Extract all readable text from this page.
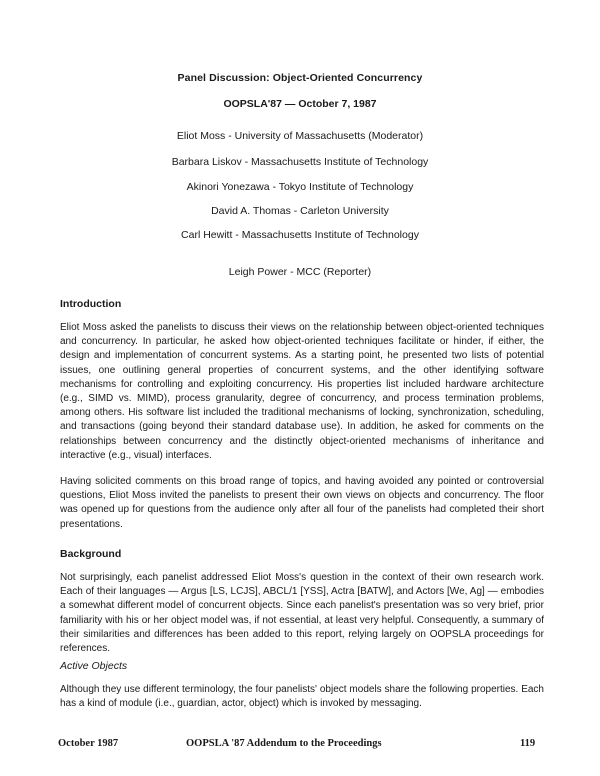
Panel Discussion: Object-Oriented Concurrency
OOPSLA'87 — October 7, 1987
Eliot Moss - University of Massachusetts (Moderator)
Barbara Liskov - Massachusetts Institute of Technology
Akinori Yonezawa - Tokyo Institute of Technology
David A. Thomas - Carleton University
Carl Hewitt - Massachusetts Institute of Technology
Leigh Power - MCC (Reporter)
Introduction
Eliot Moss asked the panelists to discuss their views on the relationship between object-oriented techniques and concurrency. In particular, he asked how object-oriented techniques facilitate or hinder, if either, the design and implementation of concurrent systems. As a starting point, he presented two lists of potential issues, one outlining general properties of concurrent systems, and the other identifying software mechanisms for controlling and exploiting concurrency. His properties list included hardware architecture (e.g., SIMD vs. MIMD), process granularity, degree of concurrency, and process termination problems, among others. His software list included the traditional mechanisms of locking, synchronization, scheduling, and transactions (going beyond their standard database use). In addition, he asked for comments on the relationships between concurrency and the distinctly object-oriented mechanisms of inheritance and interactive (e.g., visual) interfaces.
Having solicited comments on this broad range of topics, and having avoided any pointed or controversial questions, Eliot Moss invited the panelists to present their own views on objects and concurrency. The floor was opened up for questions from the audience only after all four of the panelists had completed their short presentations.
Background
Not surprisingly, each panelist addressed Eliot Moss's question in the context of their own research work. Each of their languages — Argus [LS, LCJS], ABCL/1 [YSS], Actra [BATW], and Actors [We, Ag] — embodies a somewhat different model of concurrent objects. Since each panelist's presentation was so very brief, prior familiarity with his or her object model was, if not essential, at least very helpful. Consequently, a summary of their similarities and differences has been added to this report, relying largely on OOPSLA proceedings for references.
Active Objects
Although they use different terminology, the four panelists' object models share the following properties. Each has a kind of module (i.e., guardian, actor, object) which is invoked by messaging.
October 1987	OOPSLA '87 Addendum to the Proceedings	119
